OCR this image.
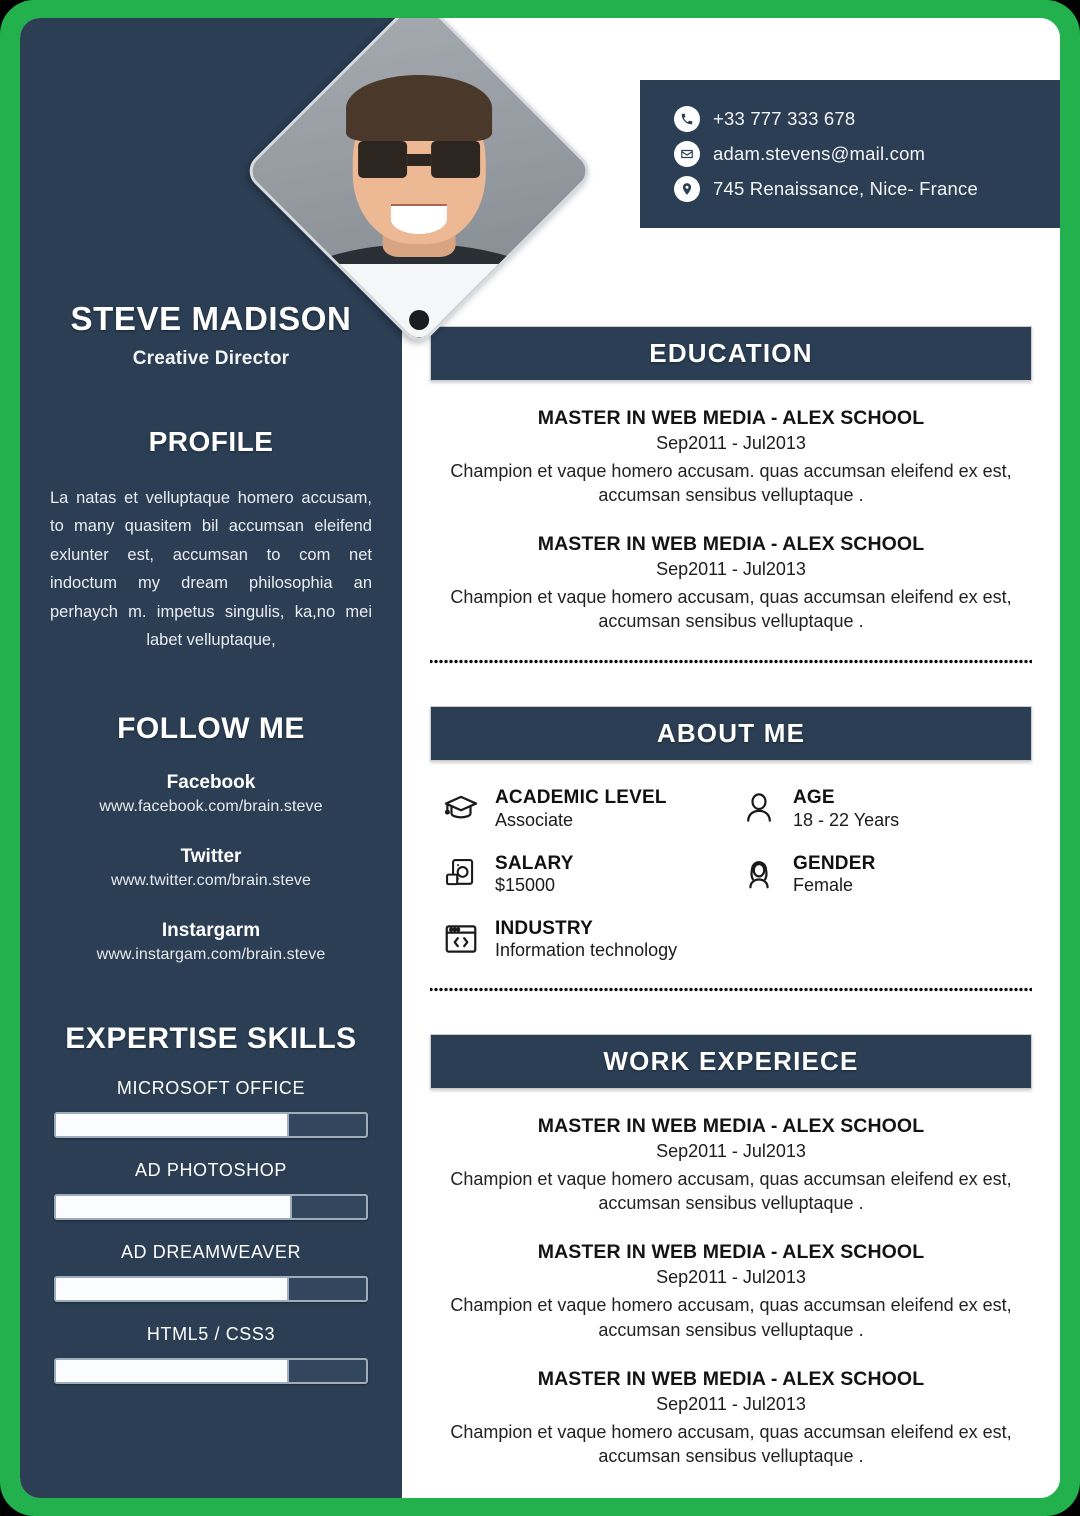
STEVE MADISON
Creative Director
PROFILE

La natas et velluptaque homero accusam, to many quasitem bil accumsan eleifend exlunter est, accumsan to com net indoctum my dream philosophia an perhaych m. impetus singulis, ka,no mei labet velluptaque,

FOLLOW ME
Facebook
www.facebook.com/brain.steve
Twitter
www.twitter.com/brain.steve
Instargarm
www.instargam.com/brain.steve
EXPERTISE SKILLS
MICROSOFT OFFICE
AD PHOTOSHOP
AD DREAMWEAVER
HTML5 / CSS3
+33 777 333 678
adam.stevens@mail.com
745 Renaissance, Nice- France
EDUCATION
MASTER IN WEB MEDIA - ALEX SCHOOL
Sep2011 - Jul2013
Champion et vaque homero accusam. quas accumsan eleifend ex est, accumsan sensibus velluptaque .
MASTER IN WEB MEDIA - ALEX SCHOOL
Sep2011 - Jul2013
Champion et vaque homero accusam, quas accumsan eleifend ex est, accumsan sensibus velluptaque .
ABOUT ME
ACADEMIC LEVEL
Associate
AGE
18 - 22 Years
SALARY
$15000
GENDER
Female
INDUSTRY
Information technology
WORK EXPERIECE
MASTER IN WEB MEDIA - ALEX SCHOOL
Sep2011 - Jul2013
Champion et vaque homero accusam, quas accumsan eleifend ex est, accumsan sensibus velluptaque .
MASTER IN WEB MEDIA - ALEX SCHOOL
Sep2011 - Jul2013
Champion et vaque homero accusam, quas accumsan eleifend ex est, accumsan sensibus velluptaque .
MASTER IN WEB MEDIA - ALEX SCHOOL
Sep2011 - Jul2013
Champion et vaque homero accusam, quas accumsan eleifend ex est, accumsan sensibus velluptaque .
